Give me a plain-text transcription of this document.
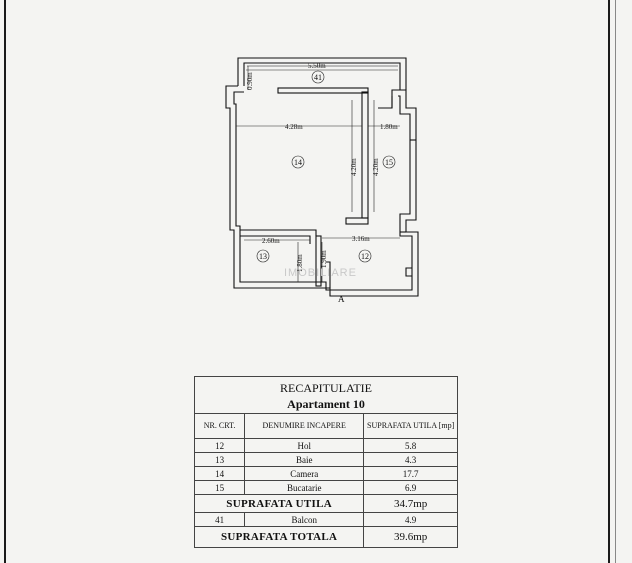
5.50m
0.90m
4.28m	1.80m
4.20m 4.20m
2.60m	3.16m
1.80m 1.90m
41
14	15
13	12
IMOBILIARE
A
RECAPITULATIE		
Apartament 10		
NR. CRT.	DENUMIRE INCAPERE	SUPRAFATA UTILA [mp]
12	Hol	5.8
13	Baie	4.3
14	Camera	17.7
15	Bucatarie	6.9
SUPRAFATA UTILA		34.7mp
41	Balcon	4.9
SUPRAFATA TOTALA		39.6mp
